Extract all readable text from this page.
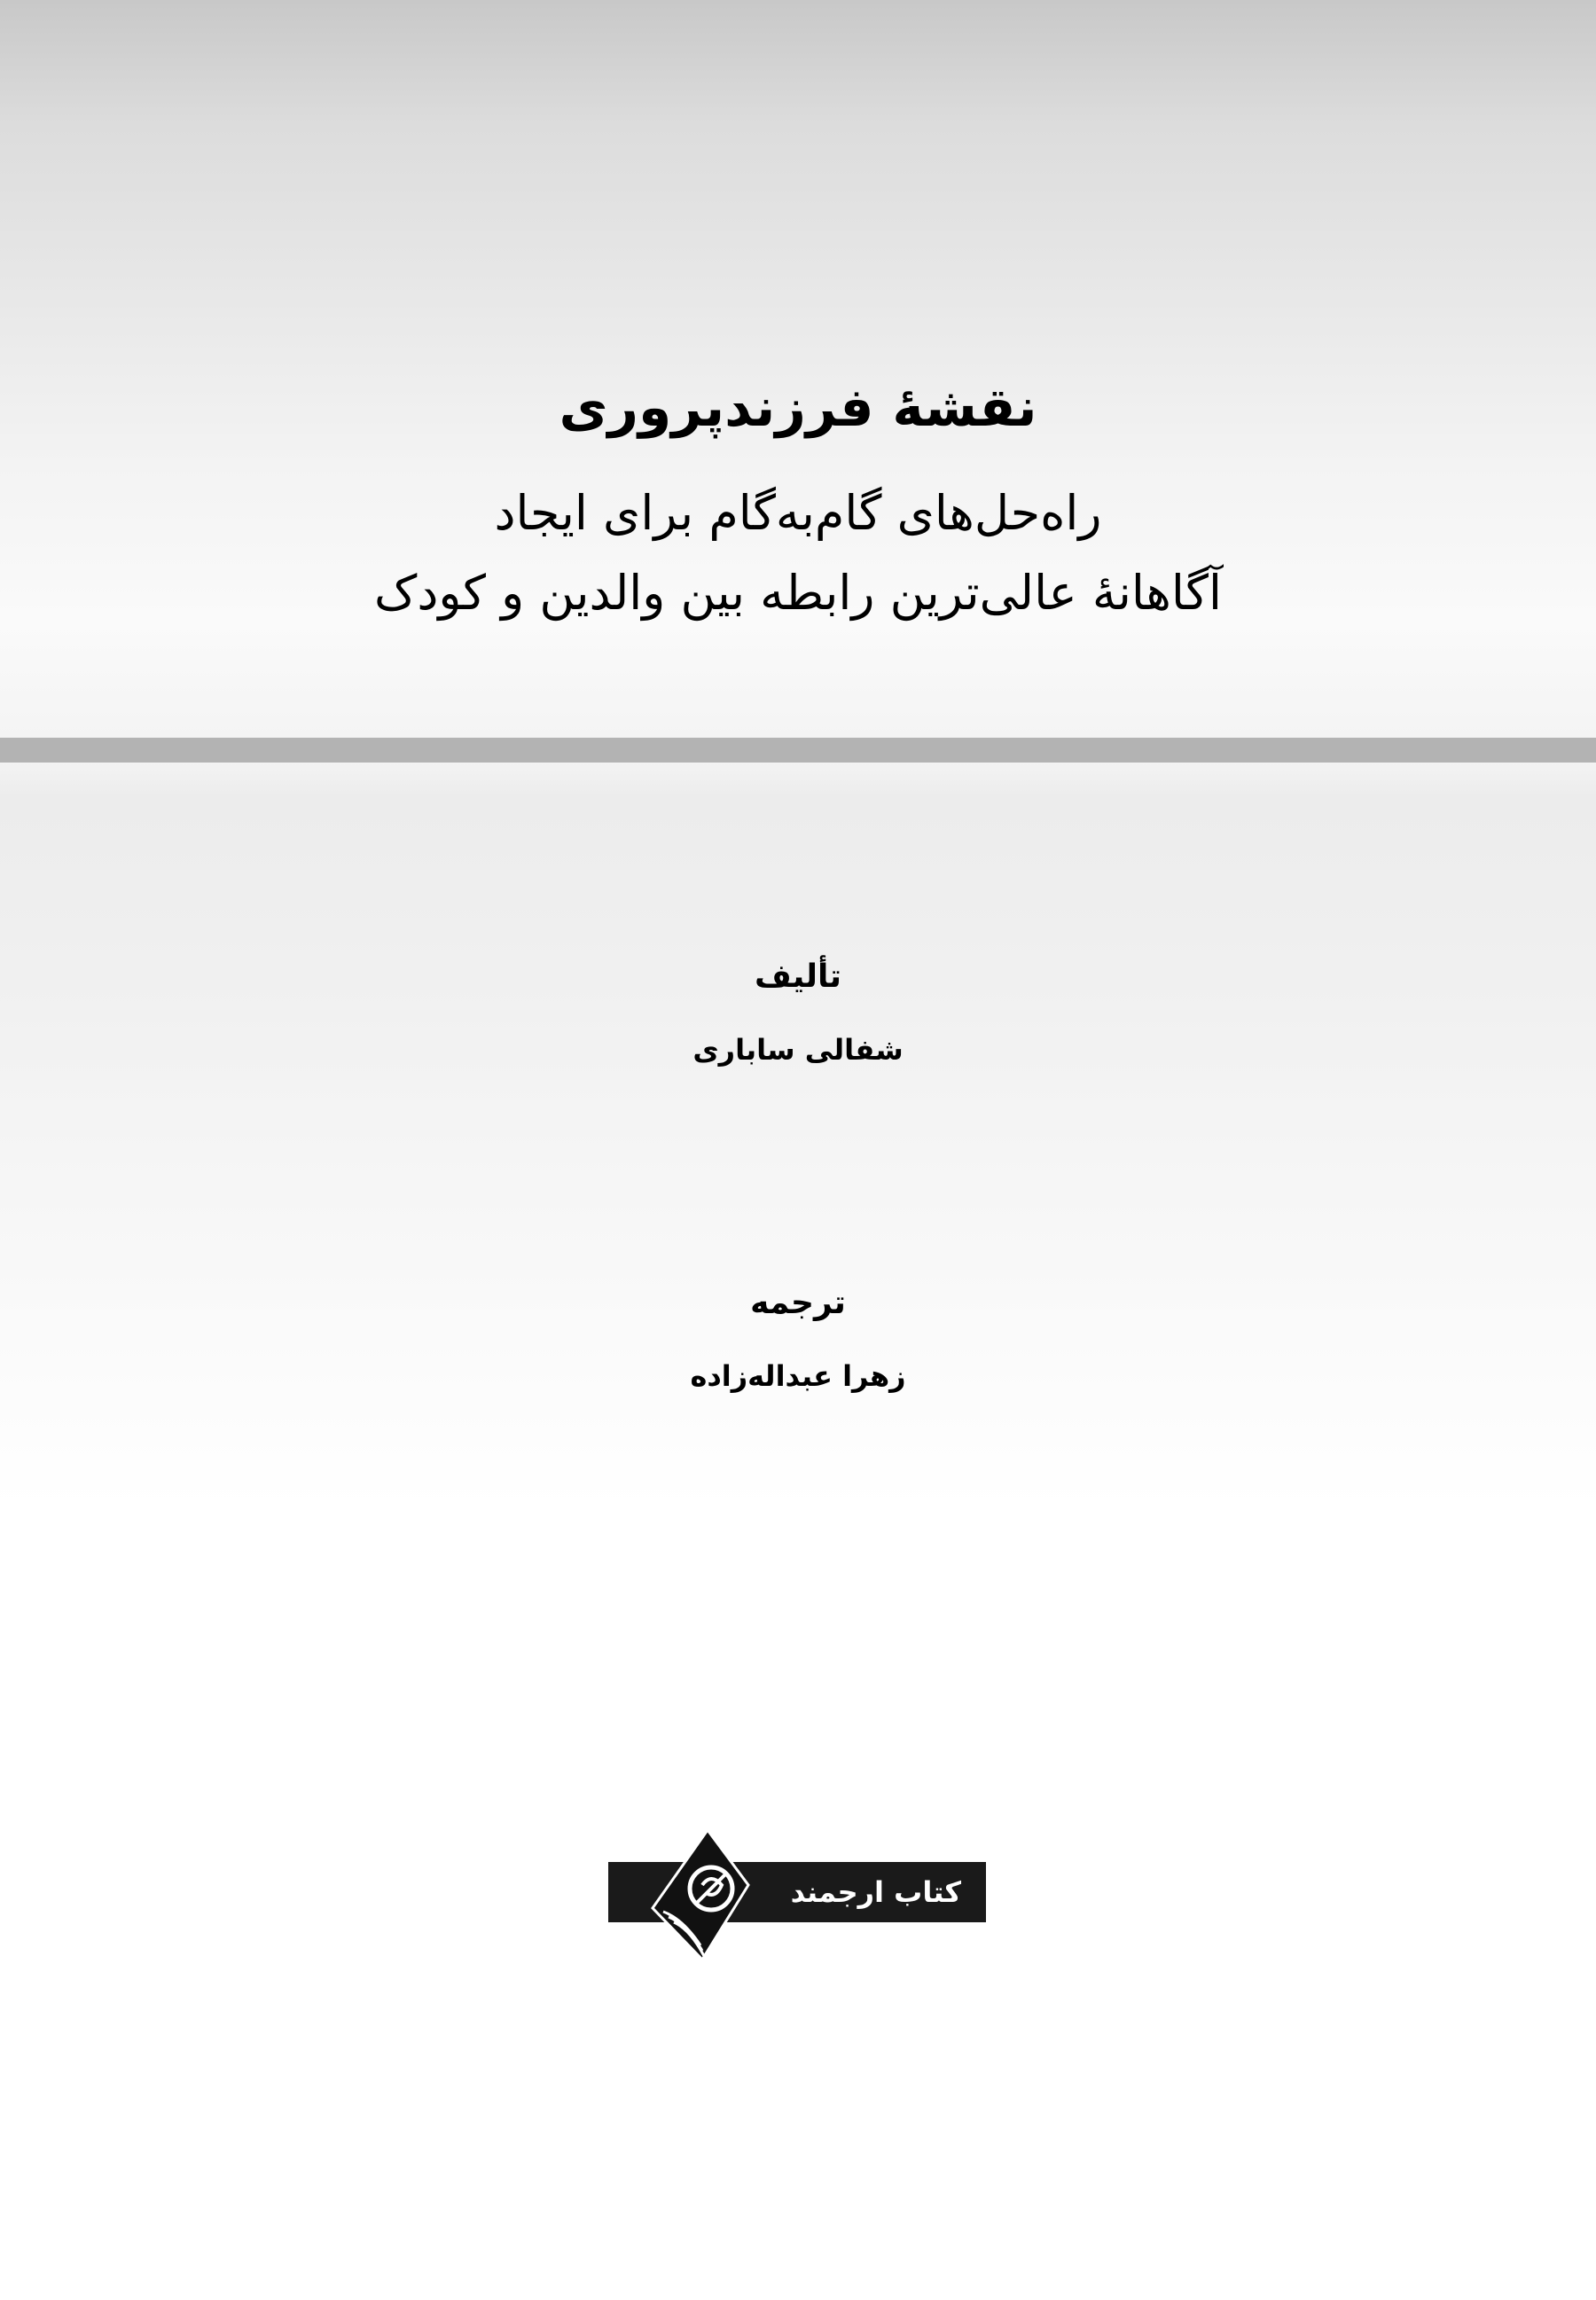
نقشهٔ فرزندپروری
راه‌حل‌های گام‌به‌گام برای ایجاد
آگاهانهٔ عالی‌ترین رابطه بین والدین و کودک
تألیف
شفالی ساباری
ترجمه
زهرا عبداله‌زاده
کتاب ارجمند
